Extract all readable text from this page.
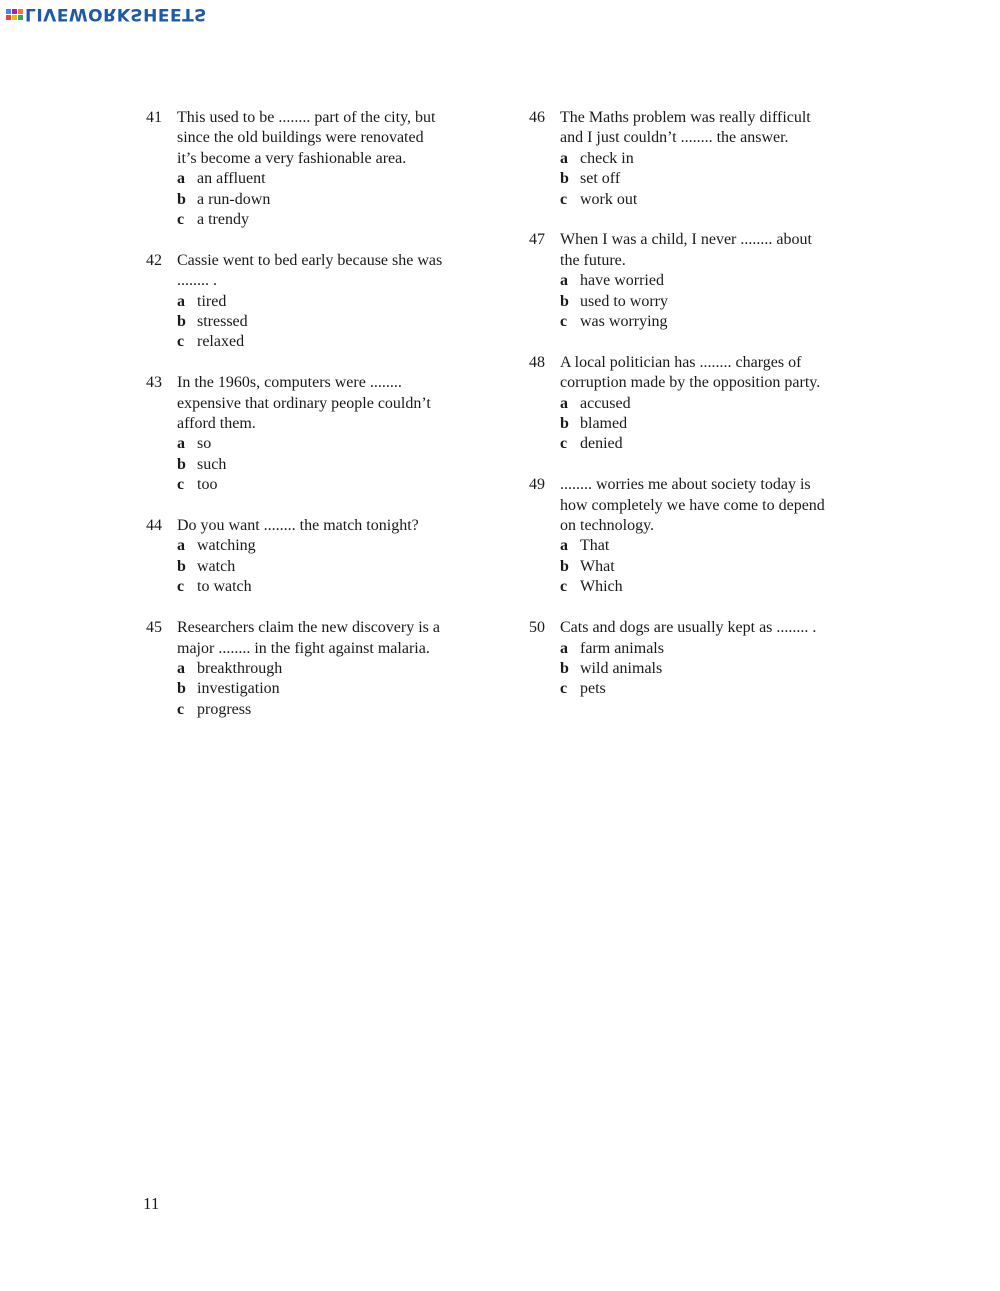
LIVEWORKSHEETS
41 This used to be ........ part of the city, but
since the old buildings were renovated
it’s become a very fashionable area.
a an affluent
b a run-down
c a trendy
42 Cassie went to bed early because she was
........ .
a tired
b stressed
c relaxed
43 In the 1960s, computers were ........
expensive that ordinary people couldn’t
afford them.
a so
b such
c too
44 Do you want ........ the match tonight?
a watching
b watch
c to watch
45 Researchers claim the new discovery is a
major ........ in the fight against malaria.
a breakthrough
b investigation
c progress
46 The Maths problem was really difficult
and I just couldn’t ........ the answer.
a check in
b set off
c work out
47 When I was a child, I never ........ about
the future.
a have worried
b used to worry
c was worrying
48 A local politician has ........ charges of
corruption made by the opposition party.
a accused
b blamed
c denied
49 ........ worries me about society today is
how completely we have come to depend
on technology.
a That
b What
c Which
50 Cats and dogs are usually kept as ........ .
a farm animals
b wild animals
c pets
11
